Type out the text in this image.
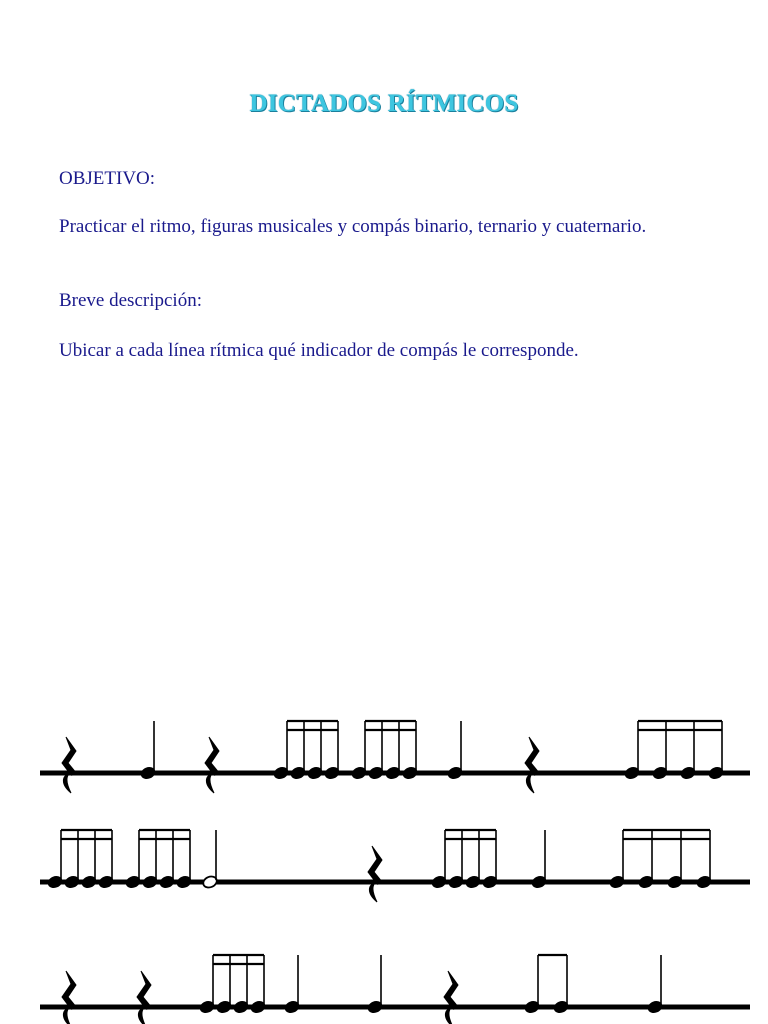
DICTADOS RÍTMICOS

OBJETIVO:

Practicar el ritmo, figuras musicales y compás binario, ternario y cuaternario.

Breve descripción:

Ubicar a cada línea rítmica qué indicador de compás le corresponde.
